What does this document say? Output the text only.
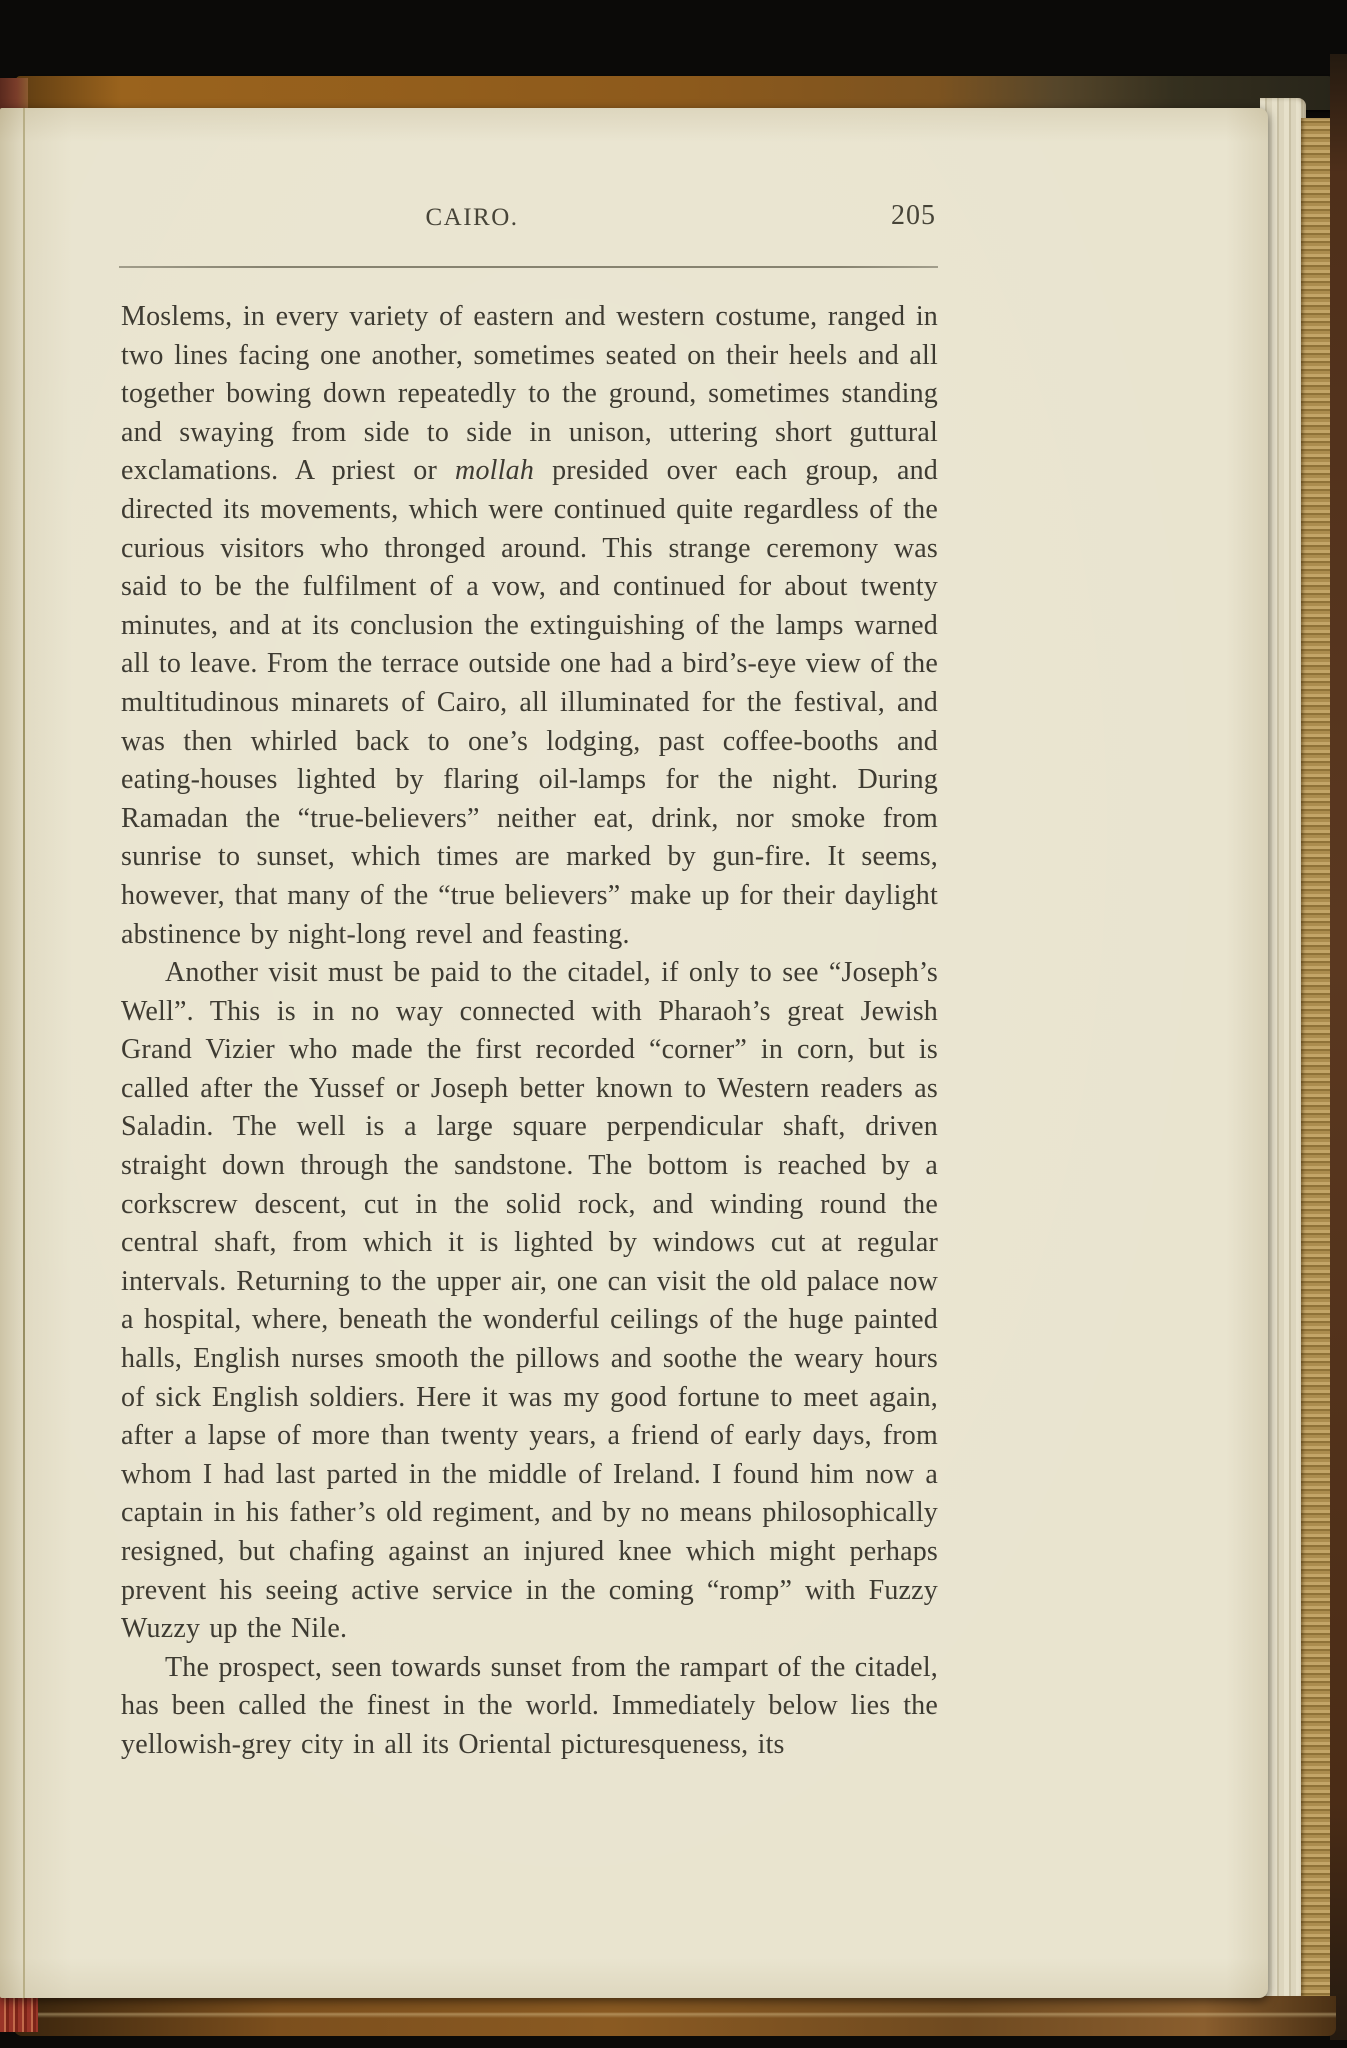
CAIRO.	205

Moslems, in every variety of eastern and western costume, ranged in two lines facing one another, sometimes seated on their heels and all together bowing down repeatedly to the ground, sometimes standing and swaying from side to side in unison, uttering short guttural exclamations. A priest or mollah presided over each group, and directed its movements, which were continued quite regardless of the curious visitors who thronged around. This strange ceremony was said to be the fulfilment of a vow, and continued for about twenty minutes, and at its conclusion the extinguishing of the lamps warned all to leave. From the terrace outside one had a bird’s-eye view of the multitudinous minarets of Cairo, all illuminated for the festival, and was then whirled back to one’s lodging, past coffee-booths and eating-houses lighted by flaring oil-lamps for the night. During Ramadan the “true-believers” neither eat, drink, nor smoke from sunrise to sunset, which times are marked by gun-fire. It seems, however, that many of the “true believers” make up for their daylight abstinence by night-long revel and feasting.

Another visit must be paid to the citadel, if only to see “Joseph’s Well”. This is in no way connected with Pharaoh’s great Jewish Grand Vizier who made the first recorded “corner” in corn, but is called after the Yussef or Joseph better known to Western readers as Saladin. The well is a large square perpendicular shaft, driven straight down through the sandstone. The bottom is reached by a corkscrew descent, cut in the solid rock, and winding round the central shaft, from which it is lighted by windows cut at regular intervals. Returning to the upper air, one can visit the old palace now a hospital, where, beneath the wonderful ceilings of the huge painted halls, English nurses smooth the pillows and soothe the weary hours of sick English soldiers. Here it was my good fortune to meet again, after a lapse of more than twenty years, a friend of early days, from whom I had last parted in the middle of Ireland. I found him now a captain in his father’s old regiment, and by no means philosophically resigned, but chafing against an injured knee which might perhaps prevent his seeing active service in the coming “romp” with Fuzzy Wuzzy up the Nile.

The prospect, seen towards sunset from the rampart of the citadel, has been called the finest in the world. Immediately below lies the yellowish-grey city in all its Oriental picturesqueness, its
